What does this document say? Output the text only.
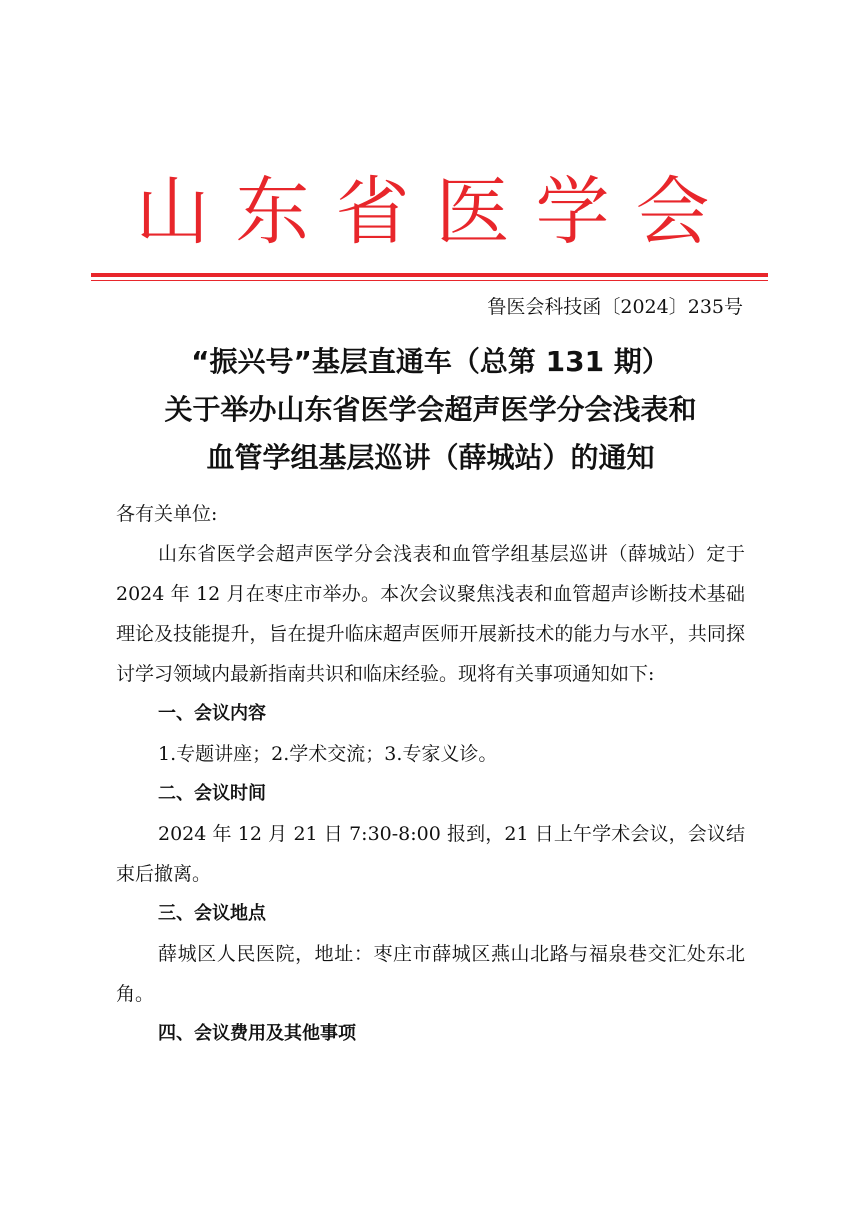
山东省医学会
鲁医会科技函〔2024〕235号
“振兴号”基层直通车（总第 131 期）
关于举办山东省医学会超声医学分会浅表和
血管学组基层巡讲（薛城站）的通知

各有关单位:

山东省医学会超声医学分会浅表和血管学组基层巡讲（薛城站）定于 2024 年 12 月在枣庄市举办。本次会议聚焦浅表和血管超声诊断技术基础理论及技能提升，旨在提升临床超声医师开展新技术的能力与水平，共同探讨学习领域内最新指南共识和临床经验。现将有关事项通知如下:

一、会议内容

1.专题讲座；2.学术交流；3.专家义诊。

二、会议时间

2024 年 12 月 21 日 7:30-8:00 报到，21 日上午学术会议，会议结束后撤离。

三、会议地点

薛城区人民医院，地址：枣庄市薛城区燕山北路与福泉巷交汇处东北角。

四、会议费用及其他事项
